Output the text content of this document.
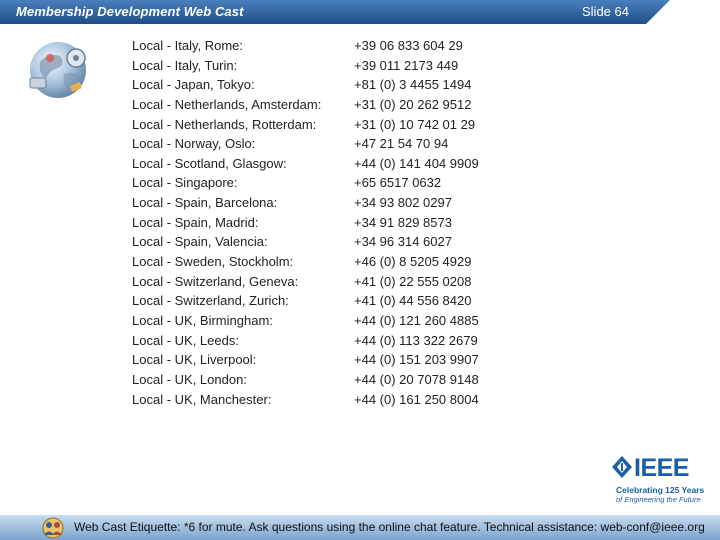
Membership Development Web Cast	Slide 64
Local - Italy, Rome:	+39 06 833 604 29
Local - Italy, Turin:	+39 011 2173 449
Local - Japan, Tokyo:	+81 (0) 3 4455 1494
Local - Netherlands, Amsterdam:	+31 (0) 20 262 9512
Local - Netherlands, Rotterdam:	+31 (0) 10 742 01 29
Local - Norway, Oslo:	+47 21 54 70 94
Local - Scotland, Glasgow:	+44 (0) 141 404 9909
Local - Singapore:	+65 6517 0632
Local - Spain, Barcelona:	+34 93 802 0297
Local - Spain, Madrid:	+34 91 829 8573
Local - Spain, Valencia:	+34 96 314 6027
Local - Sweden, Stockholm:	+46 (0) 8 5205 4929
Local - Switzerland, Geneva:	+41 (0) 22 555 0208
Local - Switzerland, Zurich:	+41 (0) 44 556 8420
Local - UK, Birmingham:	+44 (0) 121 260 4885
Local - UK, Leeds:	+44 (0) 113 322 2679
Local - UK, Liverpool:	+44 (0) 151 203 9907
Local - UK, London:	+44 (0) 20 7078 9148
Local - UK, Manchester:	+44 (0) 161 250 8004
IEEE
Celebrating 125 Years
of Engineering the Future
Web Cast Etiquette: *6 for mute. Ask questions using the online chat feature. Technical assistance: web-conf@ieee.org
